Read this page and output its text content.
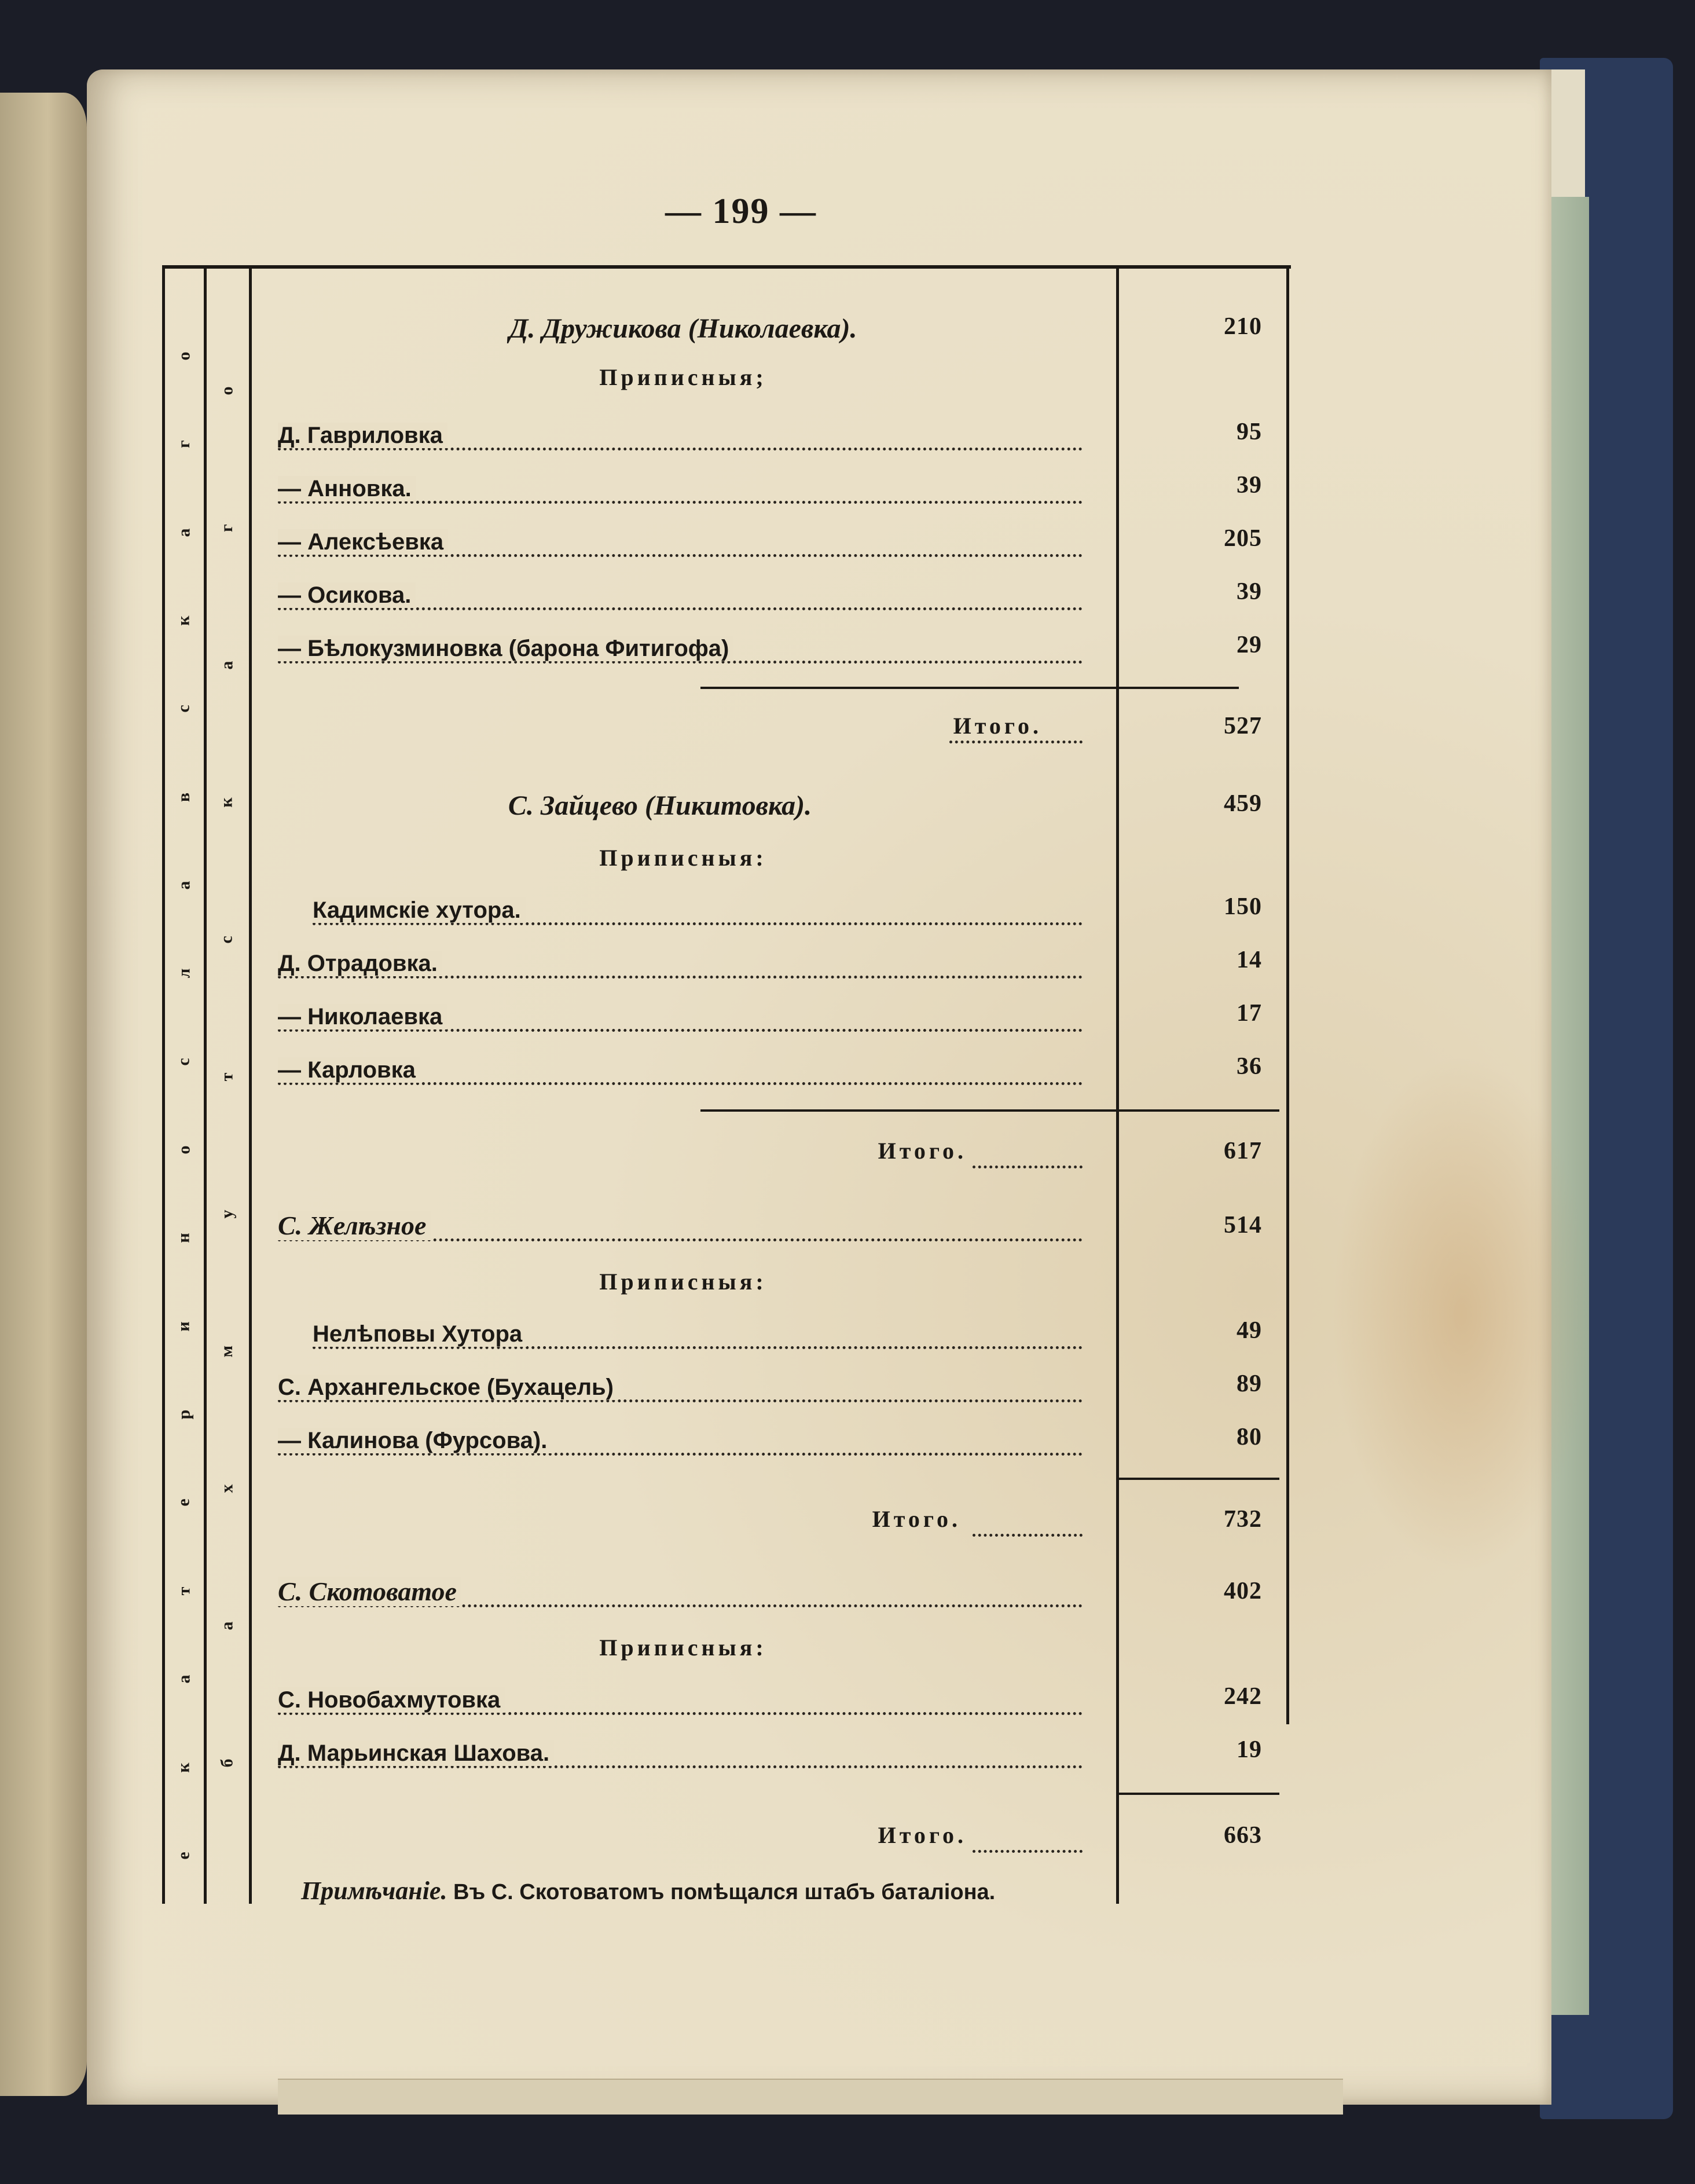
— 199 —
о
г
а
к
с
в
а
л
с
о
н
и
р
е
т
а
к
е
о
г
а
к
с
т
у
м
х
а
б
Д. Дружикова (Николаевка).	210
Приписныя;
Д. Гавриловка	95
— Анновка.	39
— Алексѣевка	205
— Осикова.	39
— Бѣлокузминовка (барона Фитигофа)	29
Итого.	527
С. Зайцево (Никитовка).	459
Приписныя:
Кадимскіе хутора.	150
Д. Отрадовка.	14
— Николаевка	17
— Карловка	36
Итого.	617
С. Желѣзное	514
Приписныя:
Нелѣповы Хутора	49
С. Архангельское (Бухацель)	89
— Калинова (Фурсова).	80
Итого.	732
С. Скотоватое	402
Приписныя:
С. Новобахмутовка	242
Д. Марьинская Шахова.	19
Итого.	663
Примѣчаніе. Въ С. Скотоватомъ помѣщался штабъ баталіона.
